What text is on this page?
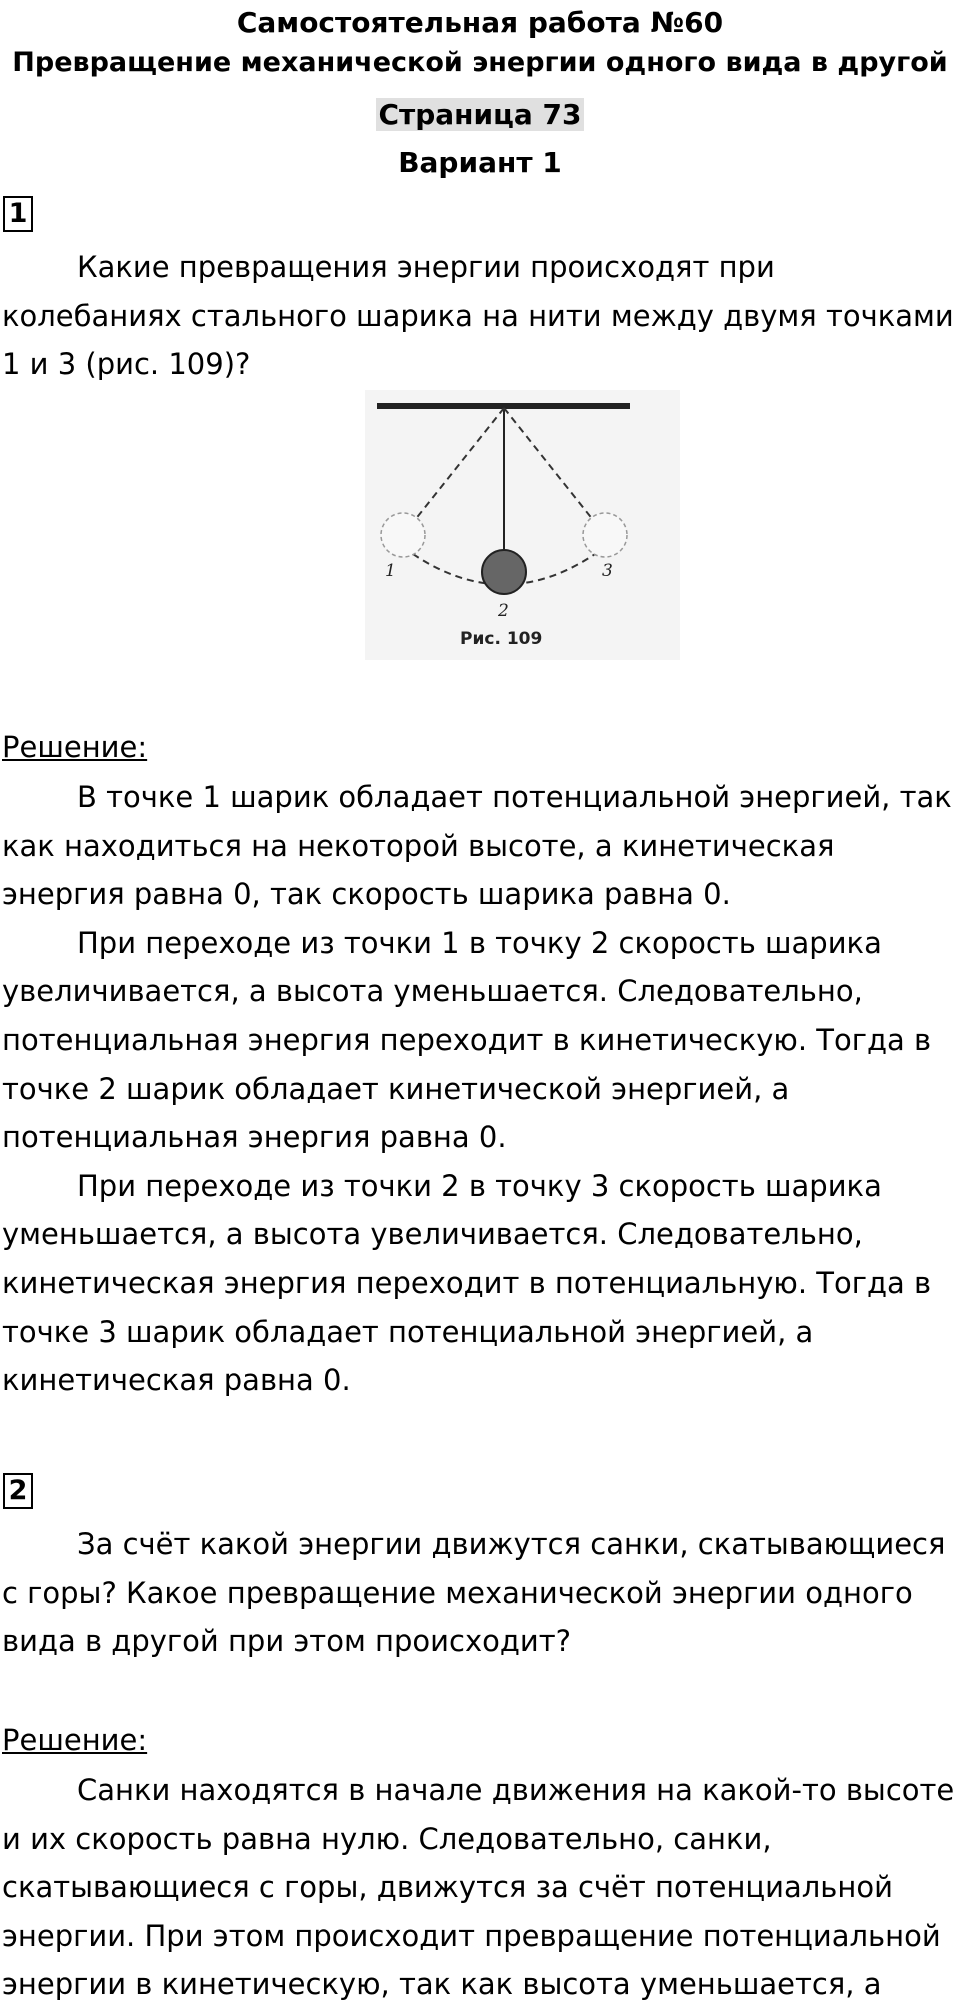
Самостоятельная работа №60
Превращение механической энергии одного вида в другой
Страница 73
Вариант 1
1

Какие превращения энергии происходят при колебаниях стального шарика на нити между двумя точками 1 и 3 (рис. 109)?

1
2
3
Рис. 109
Решение:

В точке 1 шарик обладает потенциальной энергией, так как находиться на некоторой высоте, а кинетическая энергия равна 0, так скорость шарика равна 0.

При переходе из точки 1 в точку 2 скорость шарика увеличивается, а высота уменьшается. Следовательно, потенциальная энергия переходит в кинетическую. Тогда в точке 2 шарик обладает кинетической энергией, а потенциальная энергия равна 0.

При переходе из точки 2 в точку 3 скорость шарика уменьшается, а высота увеличивается. Следовательно, кинетическая энергия переходит в потенциальную. Тогда в точке 3 шарик обладает потенциальной энергией, а кинетическая равна 0.

2

За счёт какой энергии движутся санки, скатывающиеся с горы? Какое превращение механической энергии одного вида в другой при этом происходит?

Решение:

Санки находятся в начале движения на какой-то высоте и их скорость равна нулю. Следовательно, санки, скатывающиеся с горы, движутся за счёт потенциальной энергии. При этом происходит превращение потенциальной энергии в кинетическую, так как высота уменьшается, а
